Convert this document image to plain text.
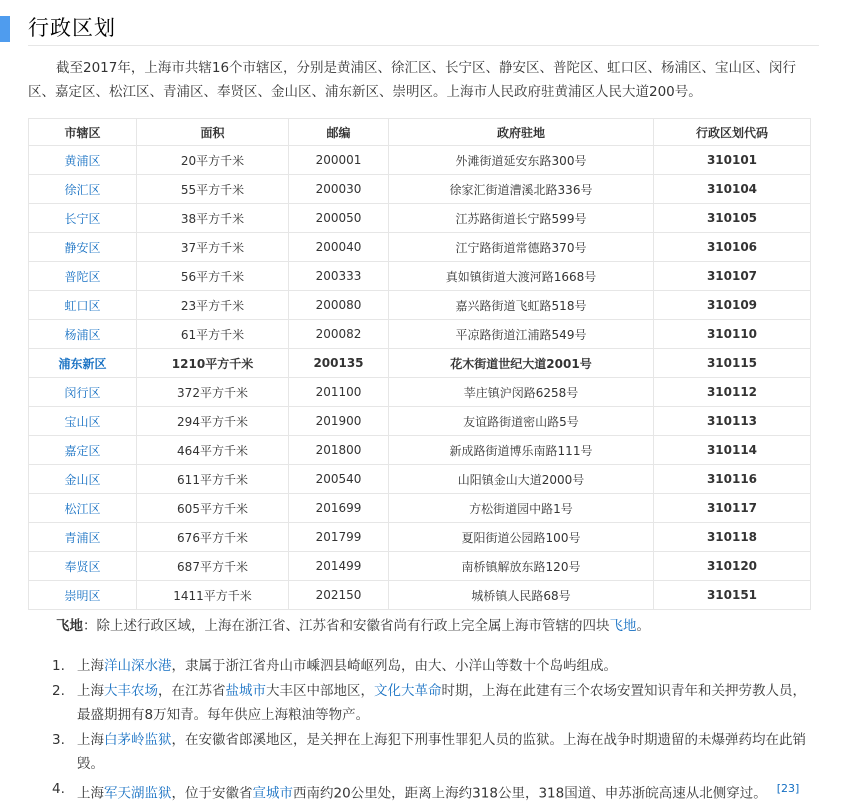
行政区划

截至2017年，上海市共辖16个市辖区，分别是黄浦区、徐汇区、长宁区、静安区、普陀区、虹口区、杨浦区、宝山区、闵行区、嘉定区、松江区、青浦区、奉贤区、金山区、浦东新区、崇明区。上海市人民政府驻黄浦区人民大道200号。

市辖区	面积	邮编	政府驻地	行政区划代码
黄浦区	20平方千米	200001	外滩街道延安东路300号	310101
徐汇区	55平方千米	200030	徐家汇街道漕溪北路336号	310104
长宁区	38平方千米	200050	江苏路街道长宁路599号	310105
静安区	37平方千米	200040	江宁路街道常德路370号	310106
普陀区	56平方千米	200333	真如镇街道大渡河路1668号	310107
虹口区	23平方千米	200080	嘉兴路街道飞虹路518号	310109
杨浦区	61平方千米	200082	平凉路街道江浦路549号	310110
浦东新区	1210平方千米	200135	花木街道世纪大道2001号	310115
闵行区	372平方千米	201100	莘庄镇沪闵路6258号	310112
宝山区	294平方千米	201900	友谊路街道密山路5号	310113
嘉定区	464平方千米	201800	新成路街道博乐南路111号	310114
金山区	611平方千米	200540	山阳镇金山大道2000号	310116
松江区	605平方千米	201699	方松街道园中路1号	310117
青浦区	676平方千米	201799	夏阳街道公园路100号	310118
奉贤区	687平方千米	201499	南桥镇解放东路120号	310120
崇明区	1411平方千米	202150	城桥镇人民路68号	310151
飞地：除上述行政区域，上海在浙江省、江苏省和安徽省尚有行政上完全属上海市管辖的四块飞地。
1. 上海洋山深水港，隶属于浙江省舟山市嵊泗县崎岖列岛，由大、小洋山等数十个岛屿组成。
2. 上海大丰农场，在江苏省盐城市大丰区中部地区，文化大革命时期，上海在此建有三个农场安置知识青年和关押劳教人员，最盛期拥有8万知青。每年供应上海粮油等物产。
3. 上海白茅岭监狱，在安徽省郎溪地区，是关押在上海犯下刑事性罪犯人员的监狱。上海在战争时期遗留的未爆弹药均在此销毁。
4. 上海军天湖监狱，位于安徽省宣城市西南约20公里处，距离上海约318公里，318国道、申苏浙皖高速从北侧穿过。 [23]
